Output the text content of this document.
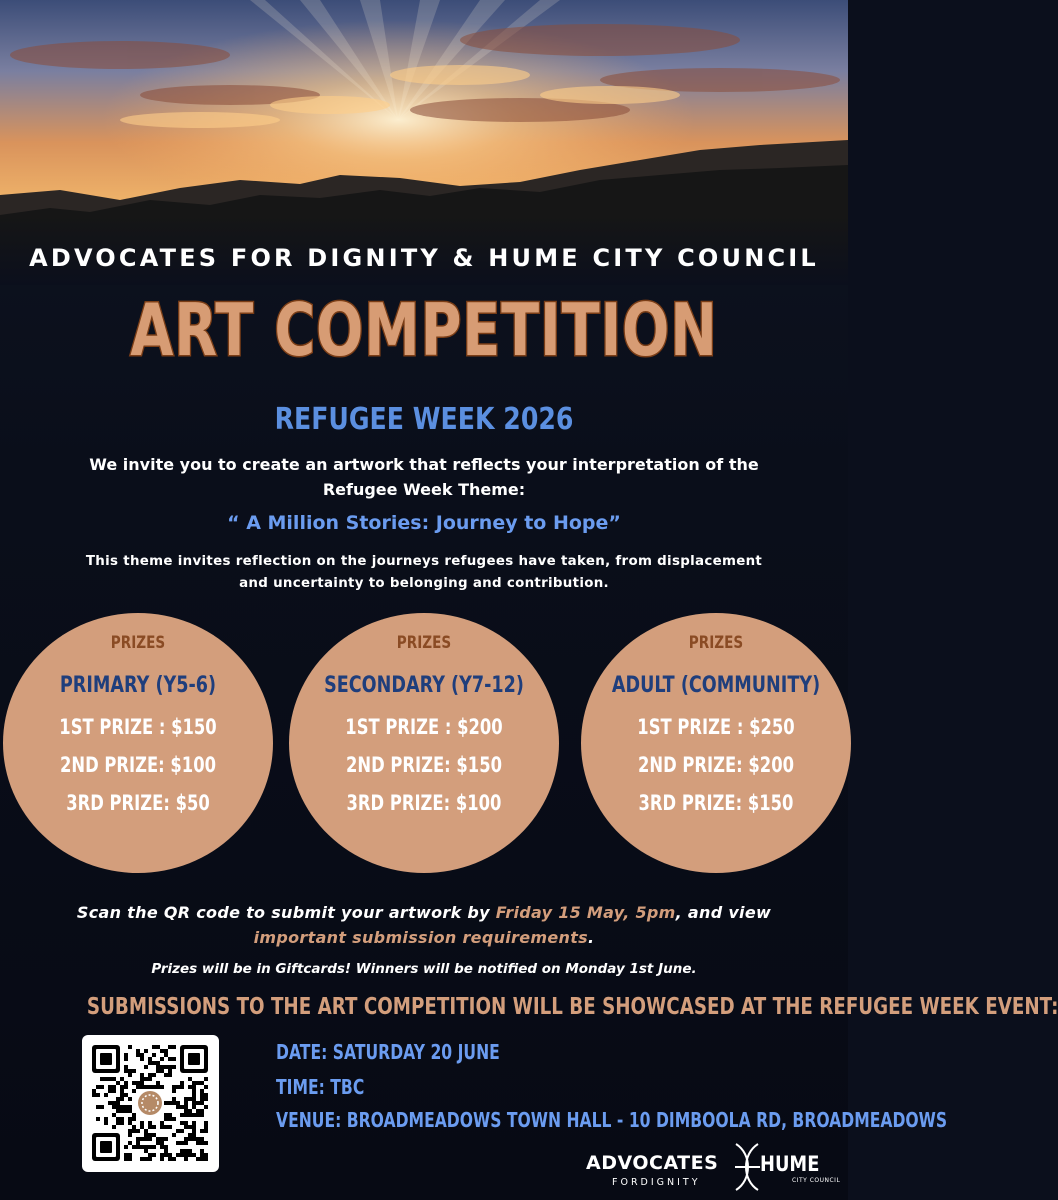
ADVOCATES FOR DIGNITY & HUME CITY COUNCIL
ART COMPETITION
REFUGEE WEEK 2026
We invite you to create an artwork that reflects your interpretation of the Refugee Week Theme:
“ A Million Stories: Journey to Hope”
This theme invites reflection on the journeys refugees have taken, from displacement and uncertainty to belonging and contribution.
PRIZES
PRIMARY (Y5-6)
1ST PRIZE : $150
2ND PRIZE: $100
3RD PRIZE: $50
PRIZES
SECONDARY (Y7-12)
1ST PRIZE : $200
2ND PRIZE: $150
3RD PRIZE: $100
PRIZES
ADULT (COMMUNITY)
1ST PRIZE : $250
2ND PRIZE: $200
3RD PRIZE: $150
Scan the QR code to submit your artwork by Friday 15 May, 5pm, and view
important submission requirements.
Prizes will be in Giftcards! Winners will be notified on Monday 1st June.
SUBMISSIONS TO THE ART COMPETITION WILL BE SHOWCASED AT THE REFUGEE WEEK EVENT:
DATE: SATURDAY 20 JUNE
TIME: TBC
VENUE: BROADMEADOWS TOWN HALL - 10 DIMBOOLA RD, BROADMEADOWS
ADVOCATES
FORDIGNITY
HUME
CITY COUNCIL
